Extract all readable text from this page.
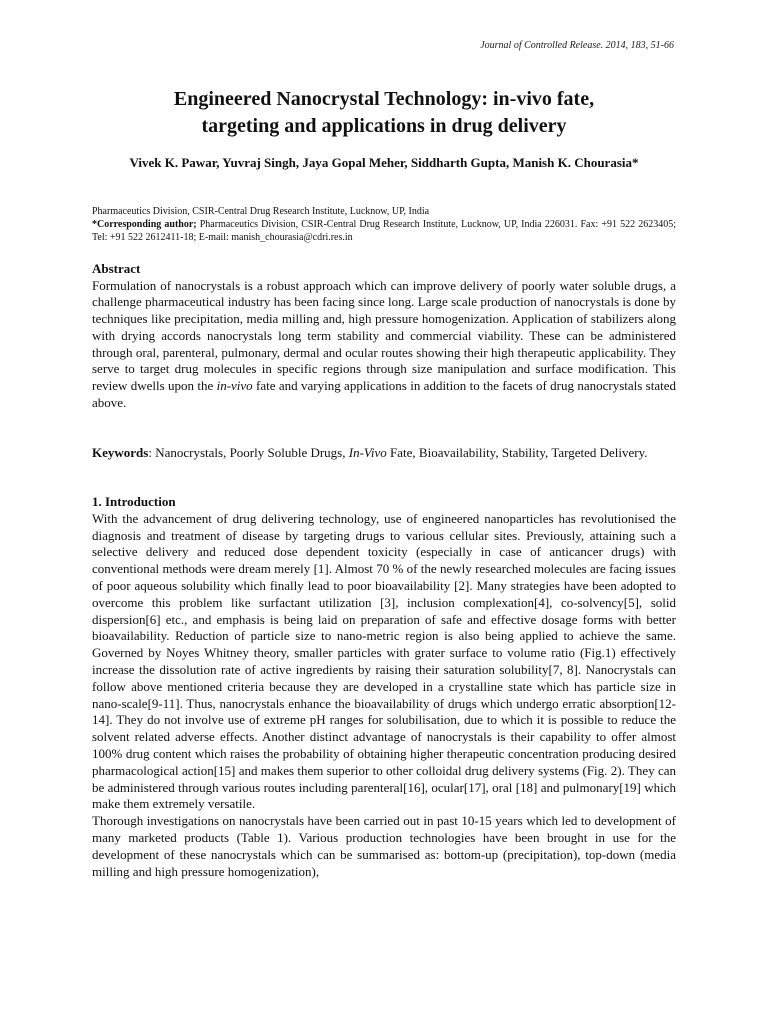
Journal of Controlled Release. 2014, 183, 51-66
Engineered Nanocrystal Technology: in-vivo fate,
targeting and applications in drug delivery
Vivek K. Pawar, Yuvraj Singh, Jaya Gopal Meher, Siddharth Gupta, Manish K. Chourasia*

Pharmaceutics Division, CSIR-Central Drug Research Institute, Lucknow, UP, India

*Corresponding author; Pharmaceutics Division, CSIR-Central Drug Research Institute, Lucknow, UP, India 226031. Fax: +91 522 2623405; Tel: +91 522 2612411-18; E-mail: manish_chourasia@cdri.res.in

Abstract

Formulation of nanocrystals is a robust approach which can improve delivery of poorly water soluble drugs, a challenge pharmaceutical industry has been facing since long. Large scale production of nanocrystals is done by techniques like precipitation, media milling and, high pressure homogenization. Application of stabilizers along with drying accords nanocrystals long term stability and commercial viability. These can be administered through oral, parenteral, pulmonary, dermal and ocular routes showing their high therapeutic applicability. They serve to target drug molecules in specific regions through size manipulation and surface modification. This review dwells upon the in-vivo fate and varying applications in addition to the facets of drug nanocrystals stated above.

Keywords: Nanocrystals, Poorly Soluble Drugs, In-Vivo Fate, Bioavailability, Stability, Targeted Delivery.

1. Introduction

With the advancement of drug delivering technology, use of engineered nanoparticles has revolutionised the diagnosis and treatment of disease by targeting drugs to various cellular sites. Previously, attaining such a selective delivery and reduced dose dependent toxicity (especially in case of anticancer drugs) with conventional methods were dream merely [1]. Almost 70 % of the newly researched molecules are facing issues of poor aqueous solubility which finally lead to poor bioavailability [2]. Many strategies have been adopted to overcome this problem like surfactant utilization [3], inclusion complexation[4], co-solvency[5], solid dispersion[6] etc., and emphasis is being laid on preparation of safe and effective dosage forms with better bioavailability. Reduction of particle size to nano-metric region is also being applied to achieve the same. Governed by Noyes Whitney theory, smaller particles with grater surface to volume ratio (Fig.1) effectively increase the dissolution rate of active ingredients by raising their saturation solubility[7, 8]. Nanocrystals can follow above mentioned criteria because they are developed in a crystalline state which has particle size in nano-scale[9-11]. Thus, nanocrystals enhance the bioavailability of drugs which undergo erratic absorption[12-14]. They do not involve use of extreme pH ranges for solubilisation, due to which it is possible to reduce the solvent related adverse effects. Another distinct advantage of nanocrystals is their capability to offer almost 100% drug content which raises the probability of obtaining higher therapeutic concentration producing desired pharmacological action[15] and makes them superior to other colloidal drug delivery systems (Fig. 2). They can be administered through various routes including parenteral[16], ocular[17], oral [18] and pulmonary[19] which make them extremely versatile.

Thorough investigations on nanocrystals have been carried out in past 10-15 years which led to development of many marketed products (Table 1). Various production technologies have been brought in use for the development of these nanocrystals which can be summarised as: bottom-up (precipitation), top-down (media milling and high pressure homogenization),
